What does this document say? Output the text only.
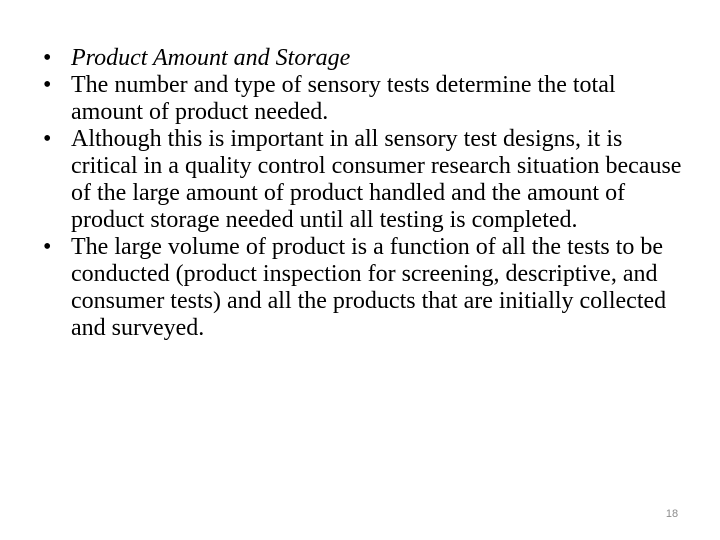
• Product Amount and Storage
• The number and type of sensory tests determine the total amount of product needed.
• Although this is important in all sensory test designs, it is critical in a quality control consumer research situation because of the large amount of product handled and the amount of product storage needed until all testing is completed.
• The large volume of product is a function of all the tests to be conducted (product inspection for screening, descriptive, and consumer tests) and all the products that are initially collected and surveyed.
18
